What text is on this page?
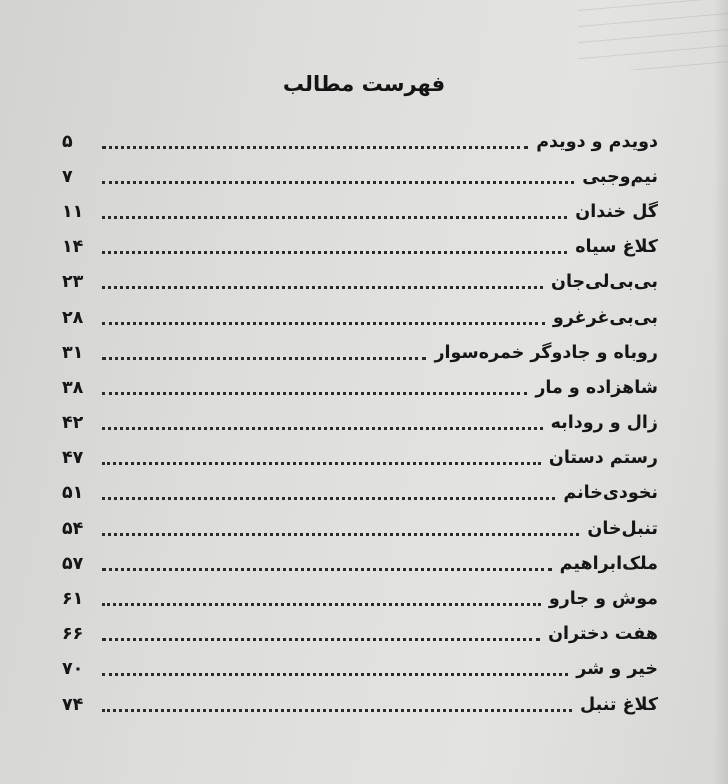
فهرست مطالب
دویدم و دویدم
۵
نیم‌وجبی
۷
گل خندان
۱۱
کلاغ سیاه
۱۴
بی‌بی‌لی‌جان
۲۳
بی‌بی‌غرغرو
۲۸
روباه و جادوگر خمره‌سوار
۳۱
شاهزاده و مار
۳۸
زال و رودابه
۴۲
رستم دستان
۴۷
نخودی‌خانم
۵۱
تنبل‌خان
۵۴
ملک‌ابراهیم
۵۷
موش و جارو
۶۱
هفت دختران
۶۶
خیر و شر
۷۰
کلاغ تنبل
۷۴
